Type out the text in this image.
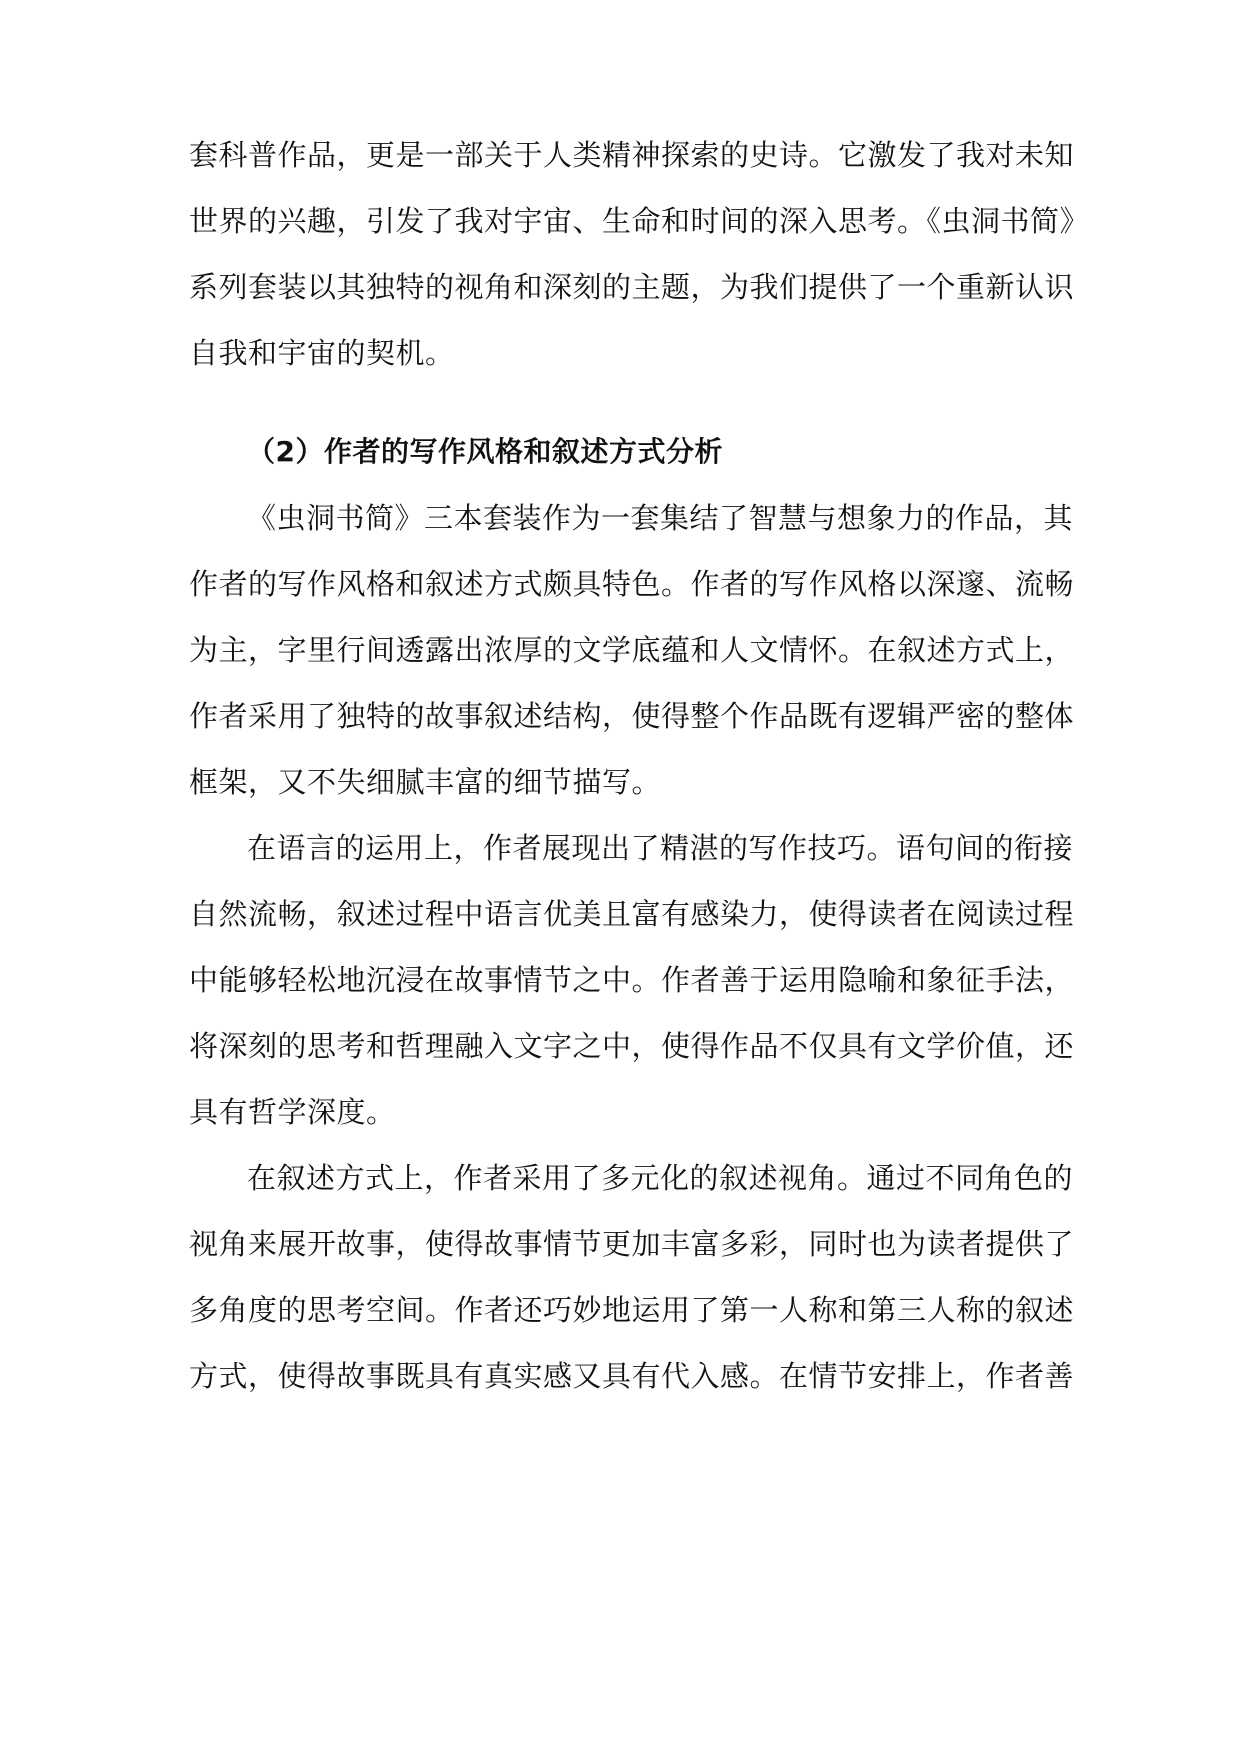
套科普作品，更是一部关于人类精神探索的史诗。它激发了我对未知
世界的兴趣，引发了我对宇宙、生命和时间的深入思考。《虫洞书简》
系列套装以其独特的视角和深刻的主题，为我们提供了一个重新认识
自我和宇宙的契机。
（2）作者的写作风格和叙述方式分析
《虫洞书简》三本套装作为一套集结了智慧与想象力的作品，其
作者的写作风格和叙述方式颇具特色。作者的写作风格以深邃、流畅
为主，字里行间透露出浓厚的文学底蕴和人文情怀。在叙述方式上，
作者采用了独特的故事叙述结构，使得整个作品既有逻辑严密的整体
框架，又不失细腻丰富的细节描写。
在语言的运用上，作者展现出了精湛的写作技巧。语句间的衔接
自然流畅，叙述过程中语言优美且富有感染力，使得读者在阅读过程
中能够轻松地沉浸在故事情节之中。作者善于运用隐喻和象征手法，
将深刻的思考和哲理融入文字之中，使得作品不仅具有文学价值，还
具有哲学深度。
在叙述方式上，作者采用了多元化的叙述视角。通过不同角色的
视角来展开故事，使得故事情节更加丰富多彩，同时也为读者提供了
多角度的思考空间。作者还巧妙地运用了第一人称和第三人称的叙述
方式，使得故事既具有真实感又具有代入感。在情节安排上，作者善
